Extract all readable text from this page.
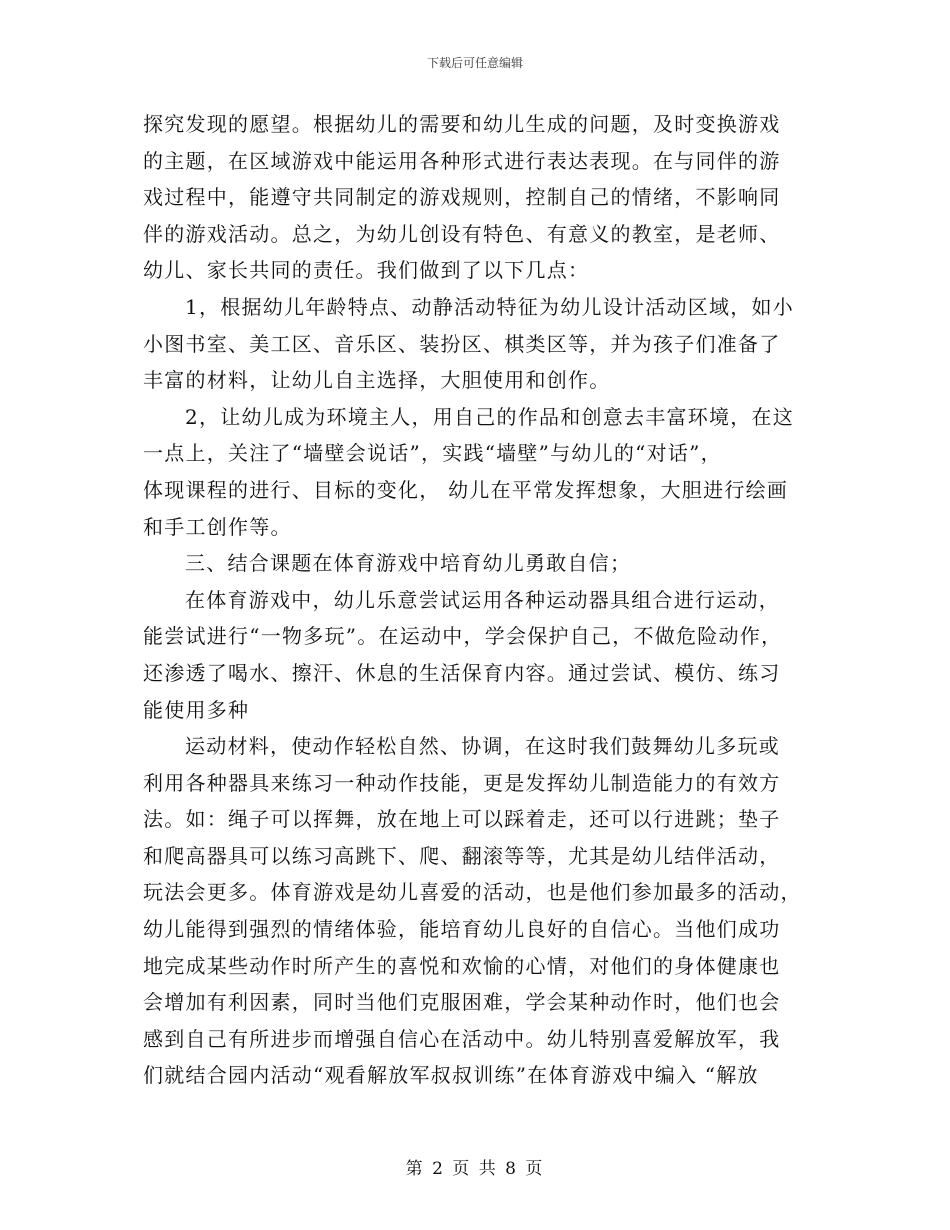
下载后可任意编辑
探究发现的愿望。根据幼儿的需要和幼儿生成的问题，及时变换游戏
的主题，在区域游戏中能运用各种形式进行表达表现。在与同伴的游
戏过程中，能遵守共同制定的游戏规则，控制自己的情绪，不影响同
伴的游戏活动。总之，为幼儿创设有特色、有意义的教室，是老师、
幼儿、家长共同的责任。我们做到了以下几点：
1，根据幼儿年龄特点、动静活动特征为幼儿设计活动区域，如小
小图书室、美工区、音乐区、装扮区、棋类区等，并为孩子们准备了
丰富的材料，让幼儿自主选择，大胆使用和创作。
2，让幼儿成为环境主人，用自己的作品和创意去丰富环境，在这
一点上，关注了“墙壁会说话”，实践“墙壁”与幼儿的“对话”，
体现课程的进行、目标的变化， 幼儿在平常发挥想象，大胆进行绘画
和手工创作等。
三、结合课题在体育游戏中培育幼儿勇敢自信；
在体育游戏中，幼儿乐意尝试运用各种运动器具组合进行运动，
能尝试进行“一物多玩”。在运动中，学会保护自己，不做危险动作，
还渗透了喝水、擦汗、休息的生活保育内容。通过尝试、模仿、练习
能使用多种
运动材料，使动作轻松自然、协调，在这时我们鼓舞幼儿多玩或
利用各种器具来练习一种动作技能，更是发挥幼儿制造能力的有效方
法。如：绳子可以挥舞，放在地上可以踩着走，还可以行进跳；垫子
和爬高器具可以练习高跳下、爬、翻滚等等，尤其是幼儿结伴活动，
玩法会更多。体育游戏是幼儿喜爱的活动，也是他们参加最多的活动，
幼儿能得到强烈的情绪体验，能培育幼儿良好的自信心。当他们成功
地完成某些动作时所产生的喜悦和欢愉的心情，对他们的身体健康也
会增加有利因素，同时当他们克服困难，学会某种动作时，他们也会
感到自己有所进步而增强自信心在活动中。幼儿特别喜爱解放军，我
们就结合园内活动“观看解放军叔叔训练”在体育游戏中编入 “解放
第 2 页 共 8 页
